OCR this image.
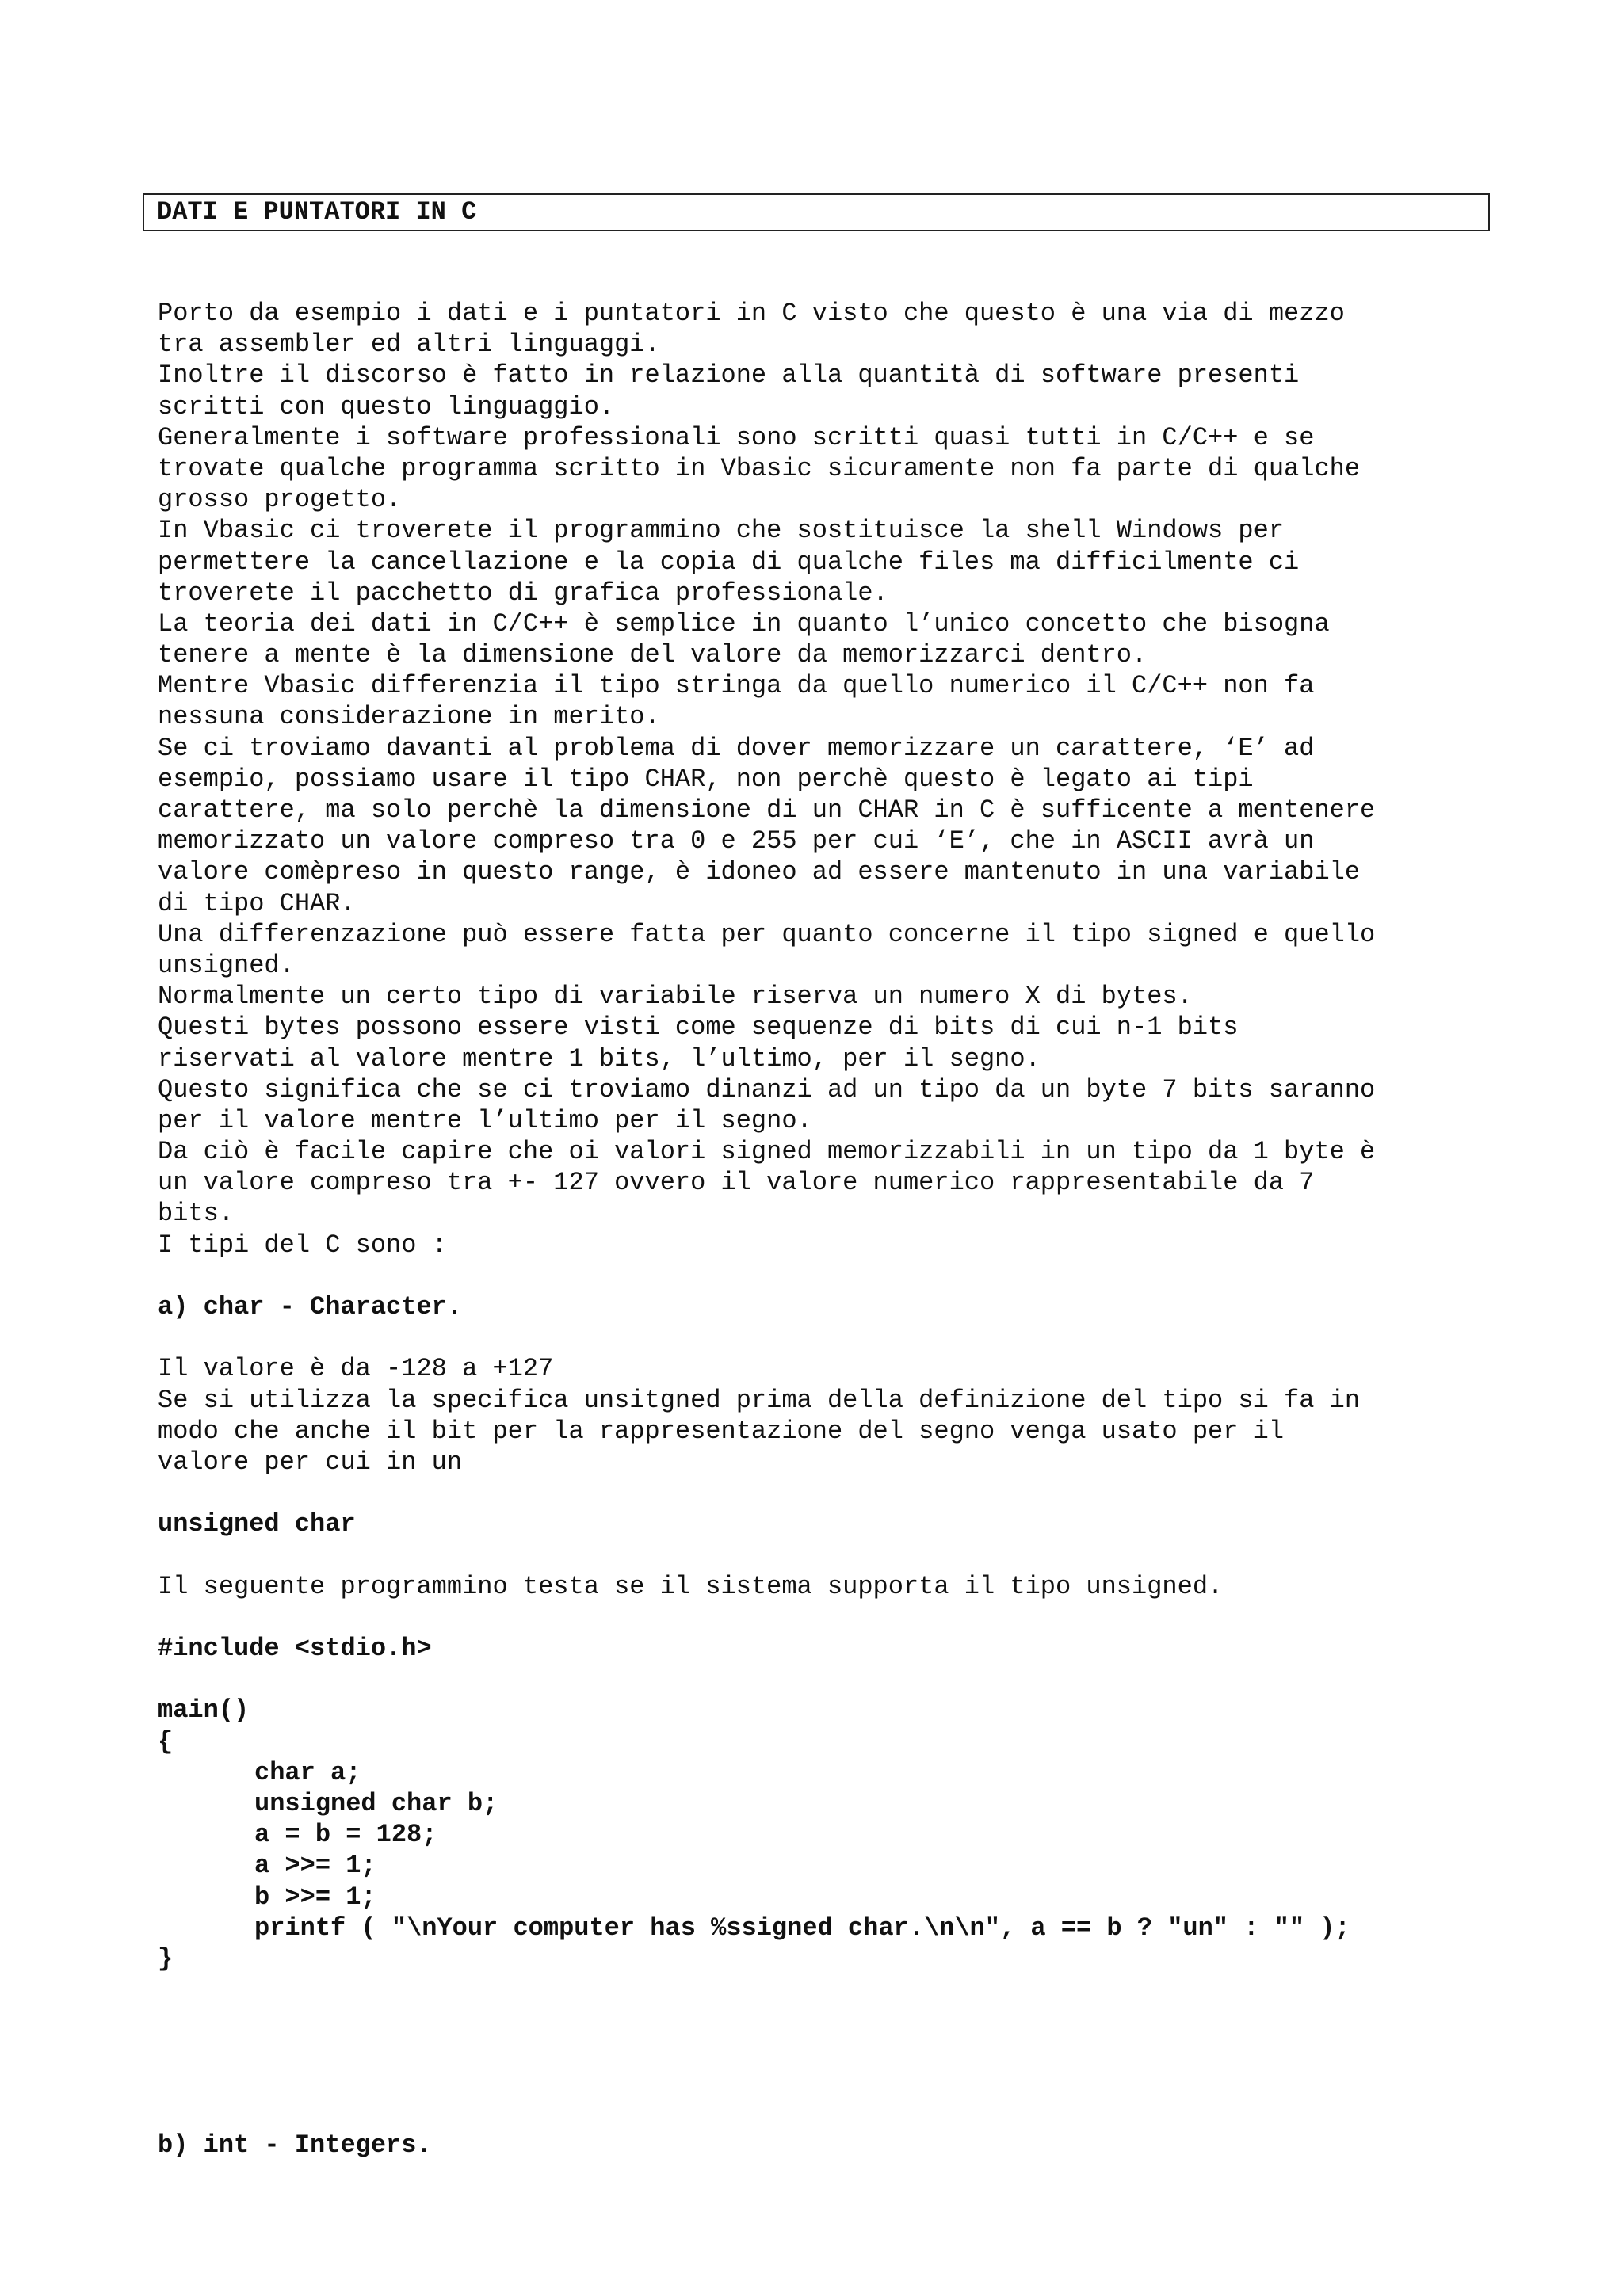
DATI E PUNTATORI IN C
Porto da esempio i dati e i puntatori in C visto che questo è una via di mezzo
tra assembler ed altri linguaggi.
Inoltre il discorso è fatto in relazione alla quantità di software presenti
scritti con questo linguaggio.
Generalmente i software professionali sono scritti quasi tutti in C/C++ e se
trovate qualche programma scritto in Vbasic sicuramente non fa parte di qualche
grosso progetto.
In Vbasic ci troverete il programmino che sostituisce la shell Windows per
permettere la cancellazione e la copia di qualche files ma difficilmente ci
troverete il pacchetto di grafica professionale.
La teoria dei dati in C/C++ è semplice in quanto l’unico concetto che bisogna
tenere a mente è la dimensione del valore da memorizzarci dentro.
Mentre Vbasic differenzia il tipo stringa da quello numerico il C/C++ non fa
nessuna considerazione in merito.
Se ci troviamo davanti al problema di dover memorizzare un carattere, ‘E’ ad
esempio, possiamo usare il tipo CHAR, non perchè questo è legato ai tipi
carattere, ma solo perchè la dimensione di un CHAR in C è sufficente a mentenere
memorizzato un valore compreso tra 0 e 255 per cui ‘E’, che in ASCII avrà un
valore comèpreso in questo range, è idoneo ad essere mantenuto in una variabile
di tipo CHAR.
Una differenzazione può essere fatta per quanto concerne il tipo signed e quello
unsigned.
Normalmente un certo tipo di variabile riserva un numero X di bytes.
Questi bytes possono essere visti come sequenze di bits di cui n-1 bits
riservati al valore mentre 1 bits, l’ultimo, per il segno.
Questo significa che se ci troviamo dinanzi ad un tipo da un byte 7 bits saranno
per il valore mentre l’ultimo per il segno.
Da ciò è facile capire che oi valori signed memorizzabili in un tipo da 1 byte è
un valore compreso tra +- 127 ovvero il valore numerico rappresentabile da 7
bits.
I tipi del C sono :
a) char - Character.
Il valore è da -128 a +127
Se si utilizza la specifica unsitgned prima della definizione del tipo si fa in
modo che anche il bit per la rappresentazione del segno venga usato per il
valore per cui in un
unsigned char
Il seguente programmino testa se il sistema supporta il tipo unsigned.
#include <stdio.h>
main()
{
char a;
unsigned char b;
a = b = 128;
a >>= 1;
b >>= 1;
printf ( "\nYour computer has %ssigned char.\n\n", a == b ? "un" : "" );
}
b) int - Integers.
